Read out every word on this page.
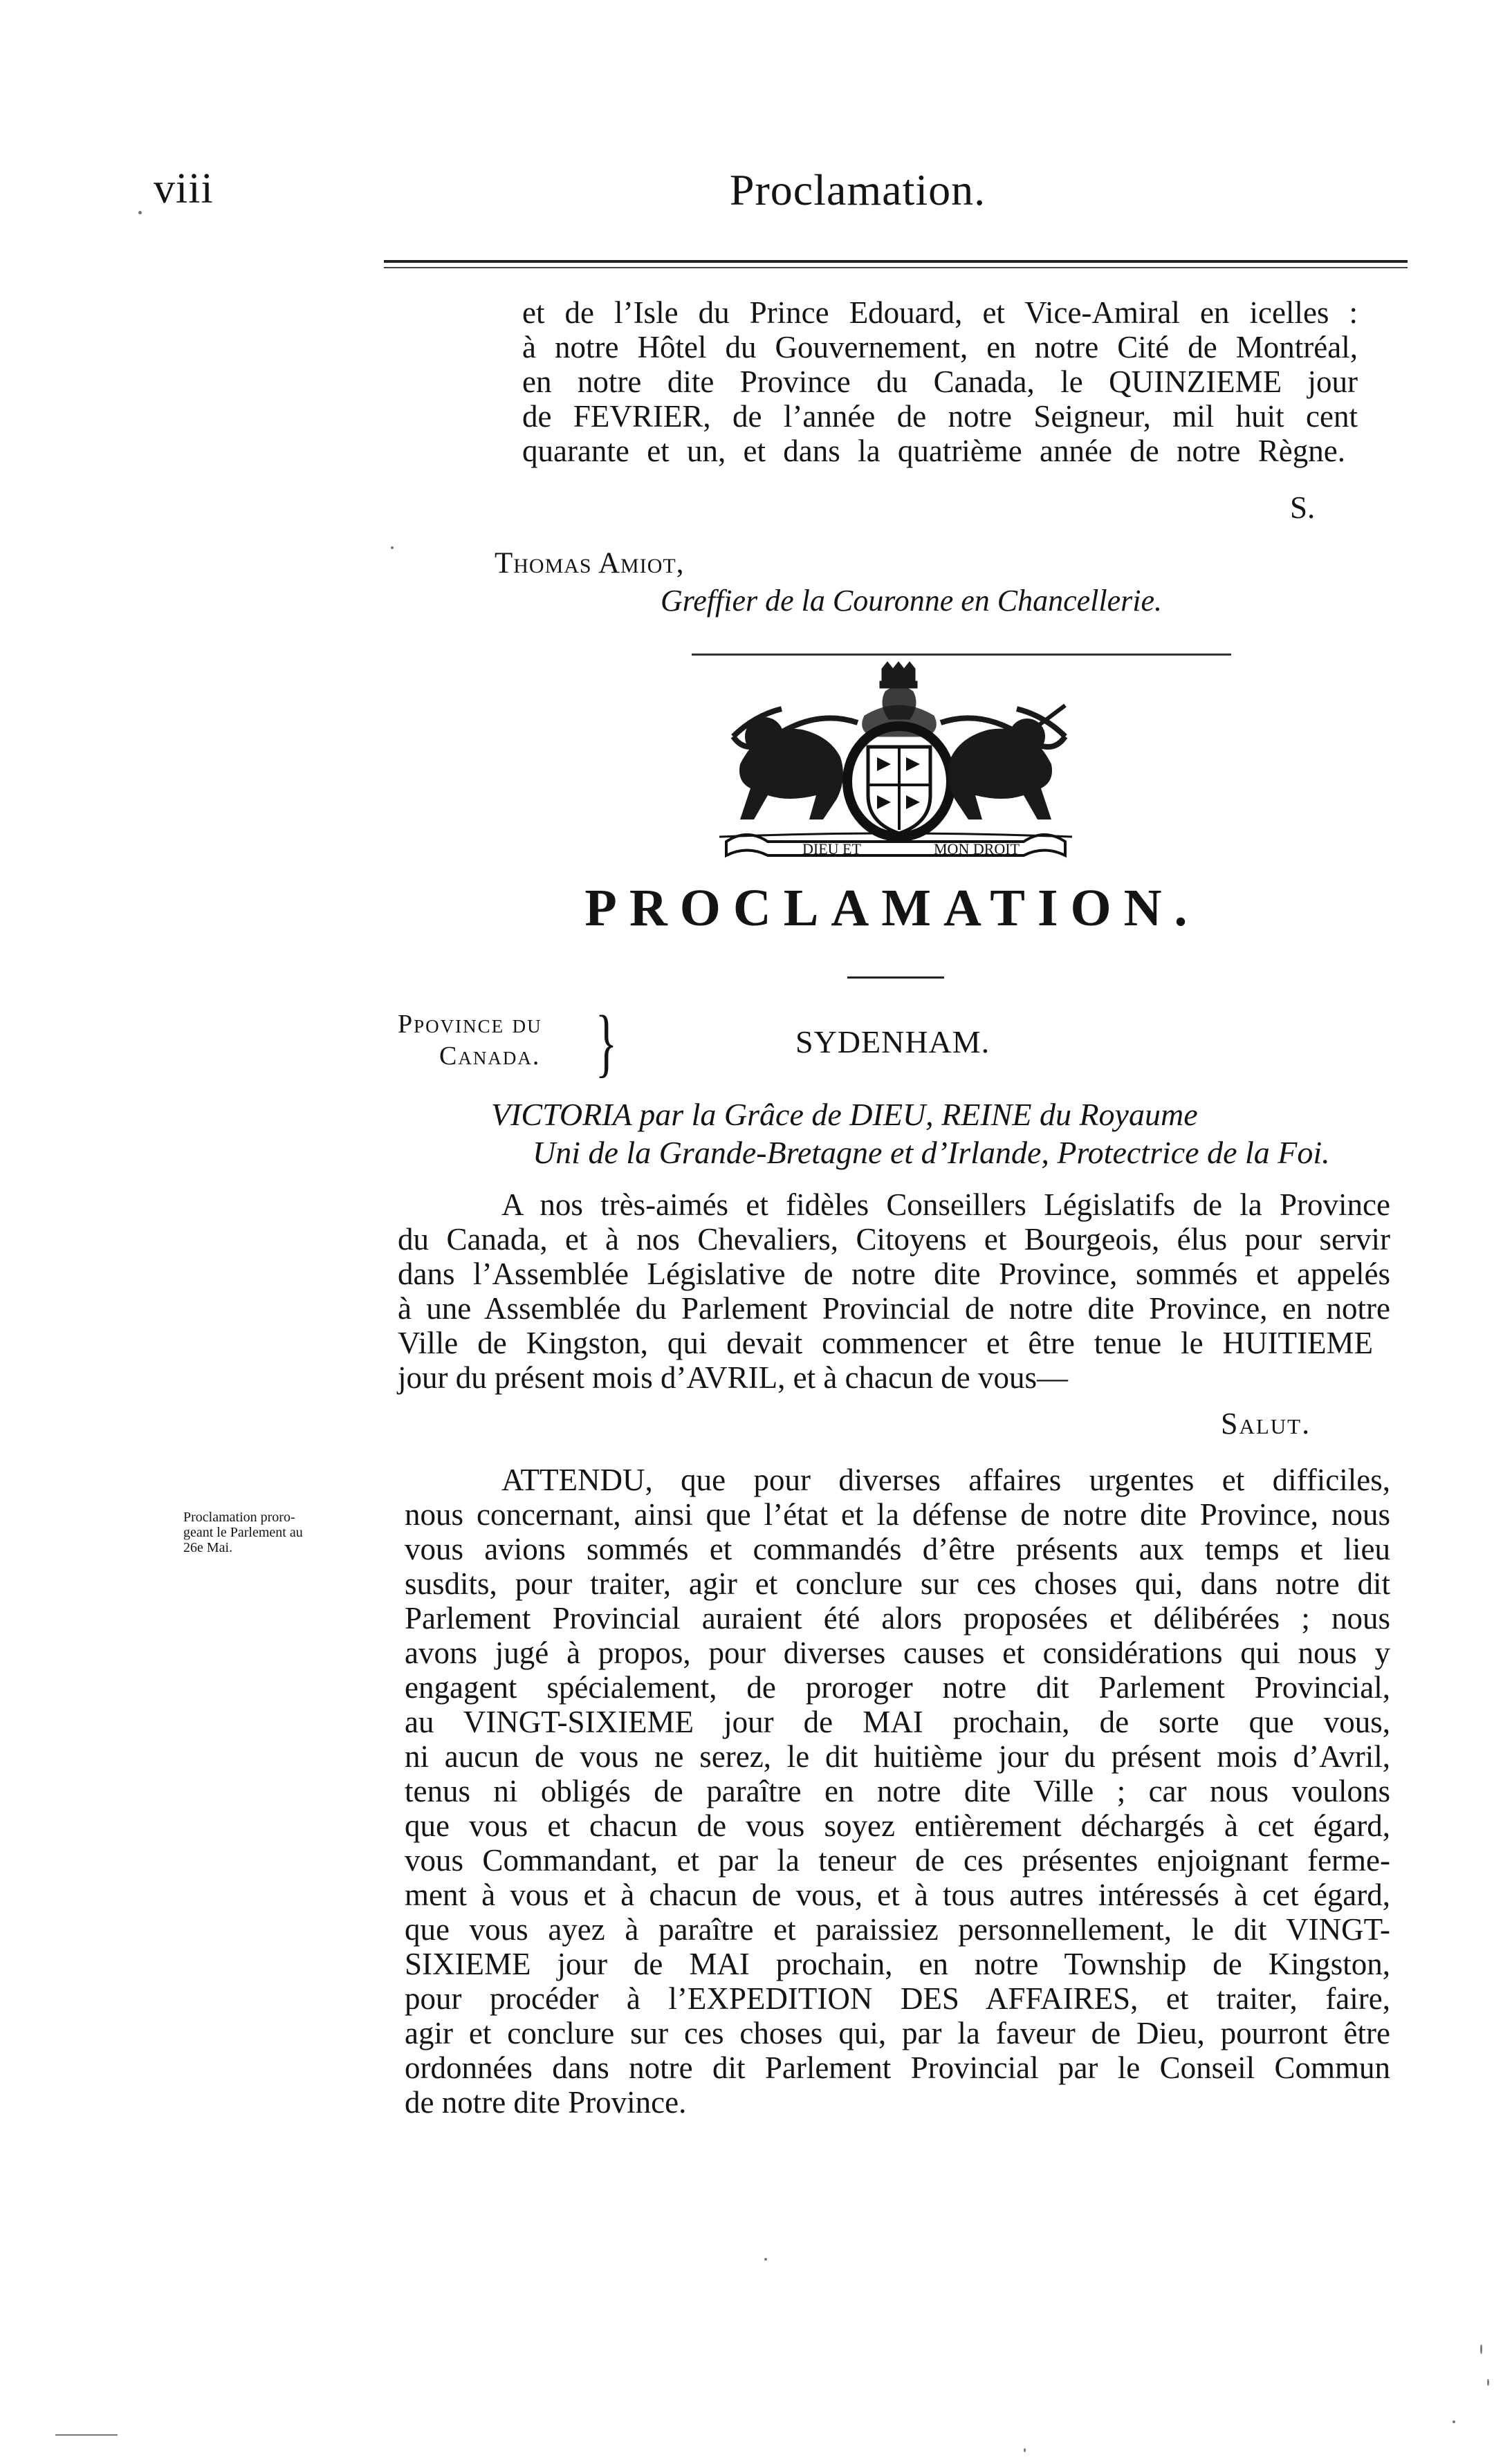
viii	Proclamation.
et de l’Isle du Prince Edouard, et Vice-Amiral en icelles :
à notre Hôtel du Gouvernement, en notre Cité de Montréal,
en notre dite Province du Canada, le QUINZIEME jour
de FEVRIER, de l’année de notre Seigneur, mil huit cent
quarante et un, et dans la quatrième année de notre Règne.
S.
Thomas Amiot,
Greffier de la Couronne en Chancellerie.
DIEU ET	MON DROIT
PROCLAMATION.
Ppovince du
Canada. }	SYDENHAM.
VICTORIA par la Grâce de DIEU, REINE du Royaume
Uni de la Grande-Bretagne et d’Irlande, Protectrice de la Foi.
A nos très-aimés et fidèles Conseillers Législatifs de la Province
du Canada, et à nos Chevaliers, Citoyens et Bourgeois, élus pour servir
dans l’Assemblée Législative de notre dite Province, sommés et appelés
à une Assemblée du Parlement Provincial de notre dite Province, en notre
Ville de Kingston, qui devait commencer et être tenue le HUITIEME
jour du présent mois d’AVRIL, et à chacun de vous—
Salut.
Proclamation proro-
geant le Parlement au
26e Mai.
ATTENDU, que pour diverses affaires urgentes et difficiles,
nous concernant, ainsi que l’état et la défense de notre dite Province, nous
vous avions sommés et commandés d’être présents aux temps et lieu
susdits, pour traiter, agir et conclure sur ces choses qui, dans notre dit
Parlement Provincial auraient été alors proposées et délibérées ; nous
avons jugé à propos, pour diverses causes et considérations qui nous y
engagent spécialement, de proroger notre dit Parlement Provincial,
au VINGT-SIXIEME jour de MAI prochain, de sorte que vous,
ni aucun de vous ne serez, le dit huitième jour du présent mois d’Avril,
tenus ni obligés de paraître en notre dite Ville ; car nous voulons
que vous et chacun de vous soyez entièrement déchargés à cet égard,
vous Commandant, et par la teneur de ces présentes enjoignant ferme-
ment à vous et à chacun de vous, et à tous autres intéressés à cet égard,
que vous ayez à paraître et paraissiez personnellement, le dit VINGT-
SIXIEME jour de MAI prochain, en notre Township de Kingston,
pour procéder à l’EXPEDITION DES AFFAIRES, et traiter, faire,
agir et conclure sur ces choses qui, par la faveur de Dieu, pourront être
ordonnées dans notre dit Parlement Provincial par le Conseil Commun
de notre dite Province.
